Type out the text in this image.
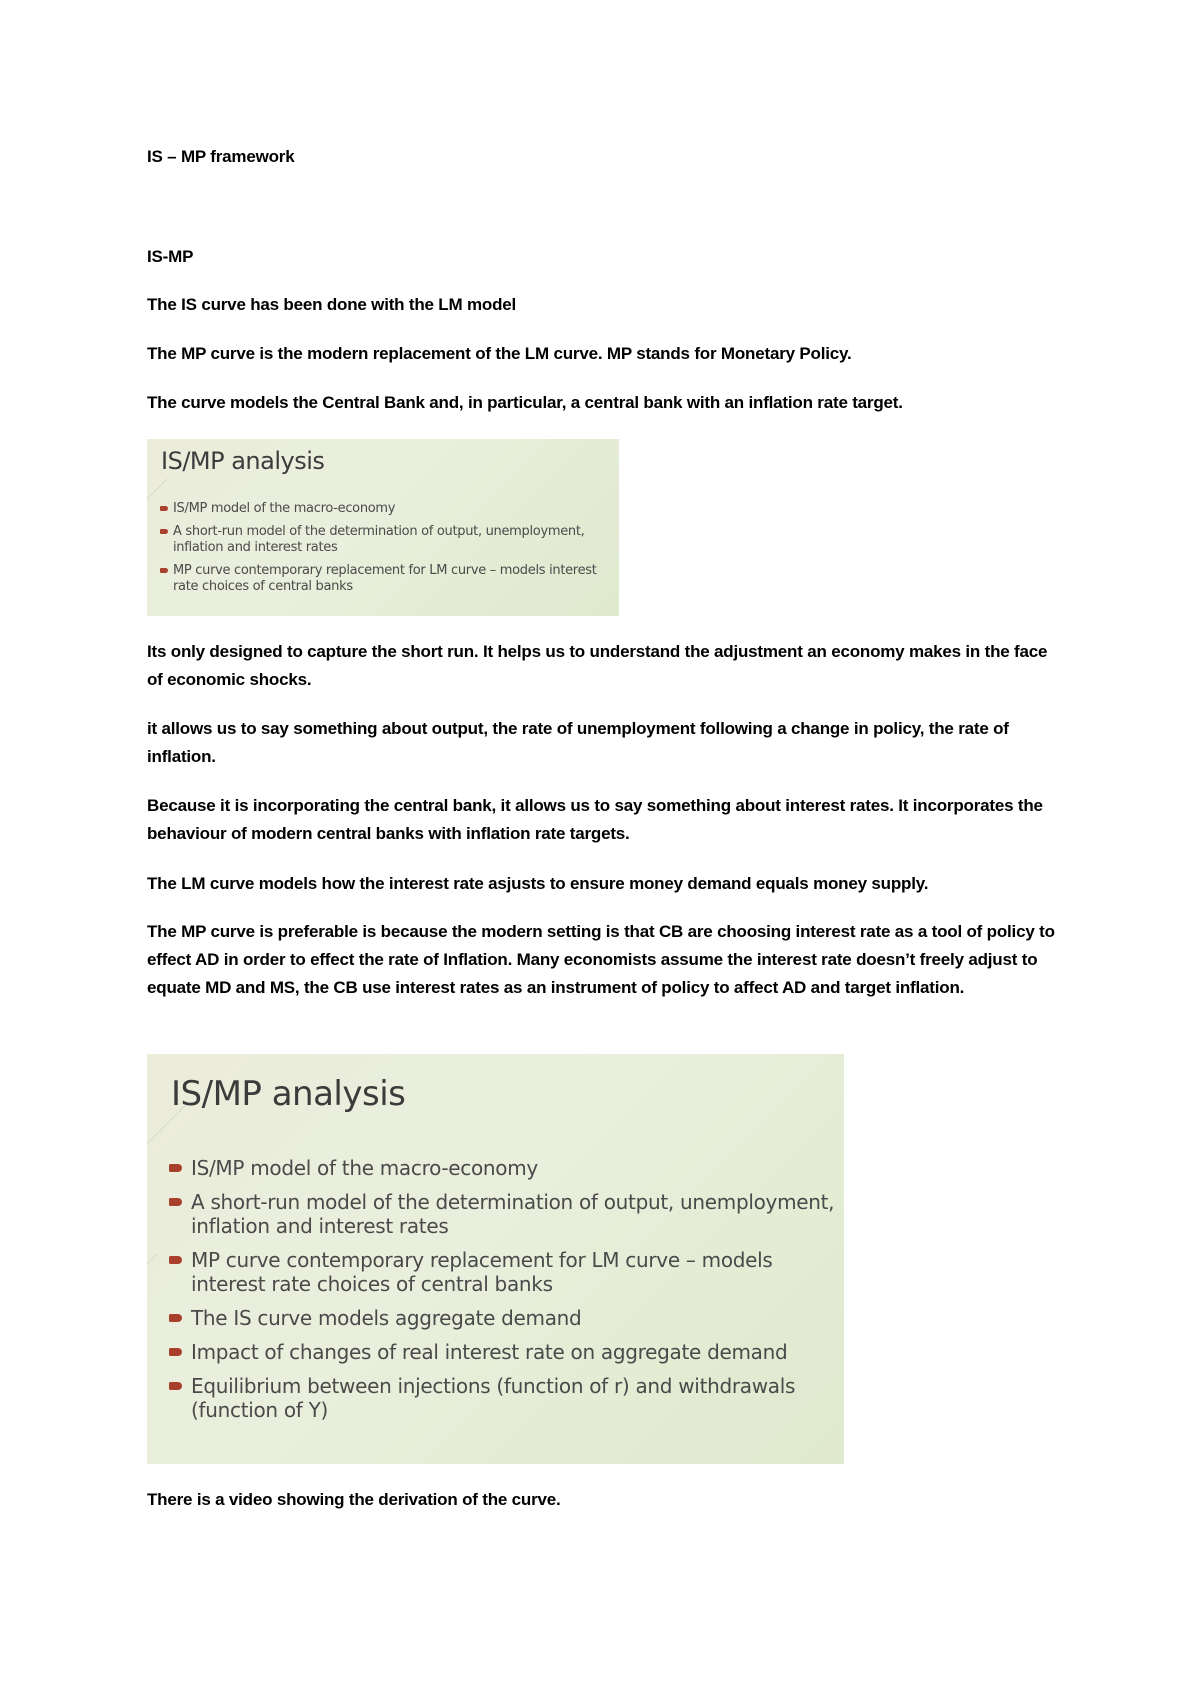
IS – MP framework

IS-MP

The IS curve has been done with the LM model

The MP curve is the modern replacement of the LM curve. MP stands for Monetary Policy.

The curve models the Central Bank and, in particular, a central bank with an inflation rate target.

IS/MP analysis
IS/MP model of the macro-economy
A short-run model of the determination of output, unemployment, inflation and interest rates
MP curve contemporary replacement for LM curve – models interest rate choices of central banks

Its only designed to capture the short run. It helps us to understand the adjustment an economy makes in the face of economic shocks.

it allows us to say something about output, the rate of unemployment following a change in policy, the rate of inflation.

Because it is incorporating the central bank, it allows us to say something about interest rates. It incorporates the behaviour of modern central banks with inflation rate targets.

The LM curve models how the interest rate asjusts to ensure money demand equals money supply.

The MP curve is preferable is because the modern setting is that CB are choosing interest rate as a tool of policy to effect AD in order to effect the rate of Inflation. Many economists assume the interest rate doesn’t freely adjust to equate MD and MS, the CB use interest rates as an instrument of policy to affect AD and target inflation.

IS/MP analysis
IS/MP model of the macro-economy
A short-run model of the determination of output, unemployment, inflation and interest rates
MP curve contemporary replacement for LM curve – models interest rate choices of central banks
The IS curve models aggregate demand
Impact of changes of real interest rate on aggregate demand
Equilibrium between injections (function of r) and withdrawals (function of Y)

There is a video showing the derivation of the curve.
